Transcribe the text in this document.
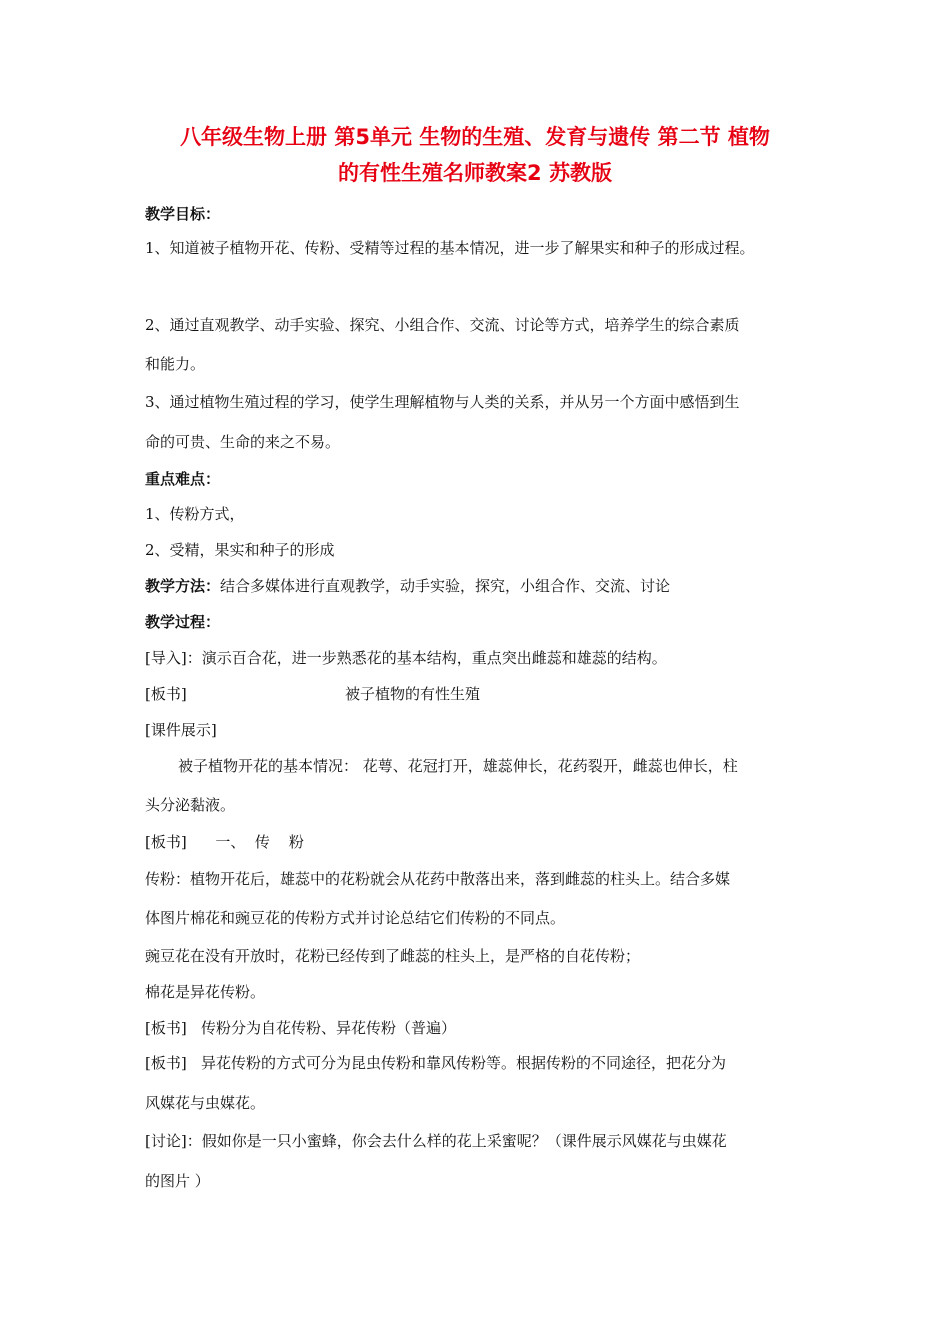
八年级生物上册 第5单元 生物的生殖、发育与遗传 第二节 植物
的有性生殖名师教案2 苏教版
教学目标：
1、知道被子植物开花、传粉、受精等过程的基本情况，进一步了解果实和种子的形成过程。
2、通过直观教学、动手实验、探究、小组合作、交流、讨论等方式，培养学生的综合素质
和能力。
3、通过植物生殖过程的学习，使学生理解植物与人类的关系，并从另一个方面中感悟到生
命的可贵、生命的来之不易。
重点难点：
1、传粉方式，
2、受精，果实和种子的形成
教学方法：结合多媒体进行直观教学，动手实验，探究，小组合作、交流、讨论
教学过程：
[导入]：演示百合花，进一步熟悉花的基本结构，重点突出雌蕊和雄蕊的结构。
[板书]	被子植物的有性生殖
[课件展示]
被子植物开花的基本情况： 花萼、花冠打开，雄蕊伸长，花药裂开，雌蕊也伸长，柱
头分泌黏液。
[板书]      一、  传    粉
传粉：植物开花后，雄蕊中的花粉就会从花药中散落出来，落到雌蕊的柱头上。结合多媒
体图片棉花和豌豆花的传粉方式并讨论总结它们传粉的不同点。
豌豆花在没有开放时，花粉已经传到了雌蕊的柱头上，是严格的自花传粉；
棉花是异花传粉。
[板书]   传粉分为自花传粉、异花传粉（普遍）
[板书]   异花传粉的方式可分为昆虫传粉和靠风传粉等。根据传粉的不同途径，把花分为
风媒花与虫媒花。
[讨论]：假如你是一只小蜜蜂，你会去什么样的花上采蜜呢？（课件展示风媒花与虫媒花
的图片 ）
